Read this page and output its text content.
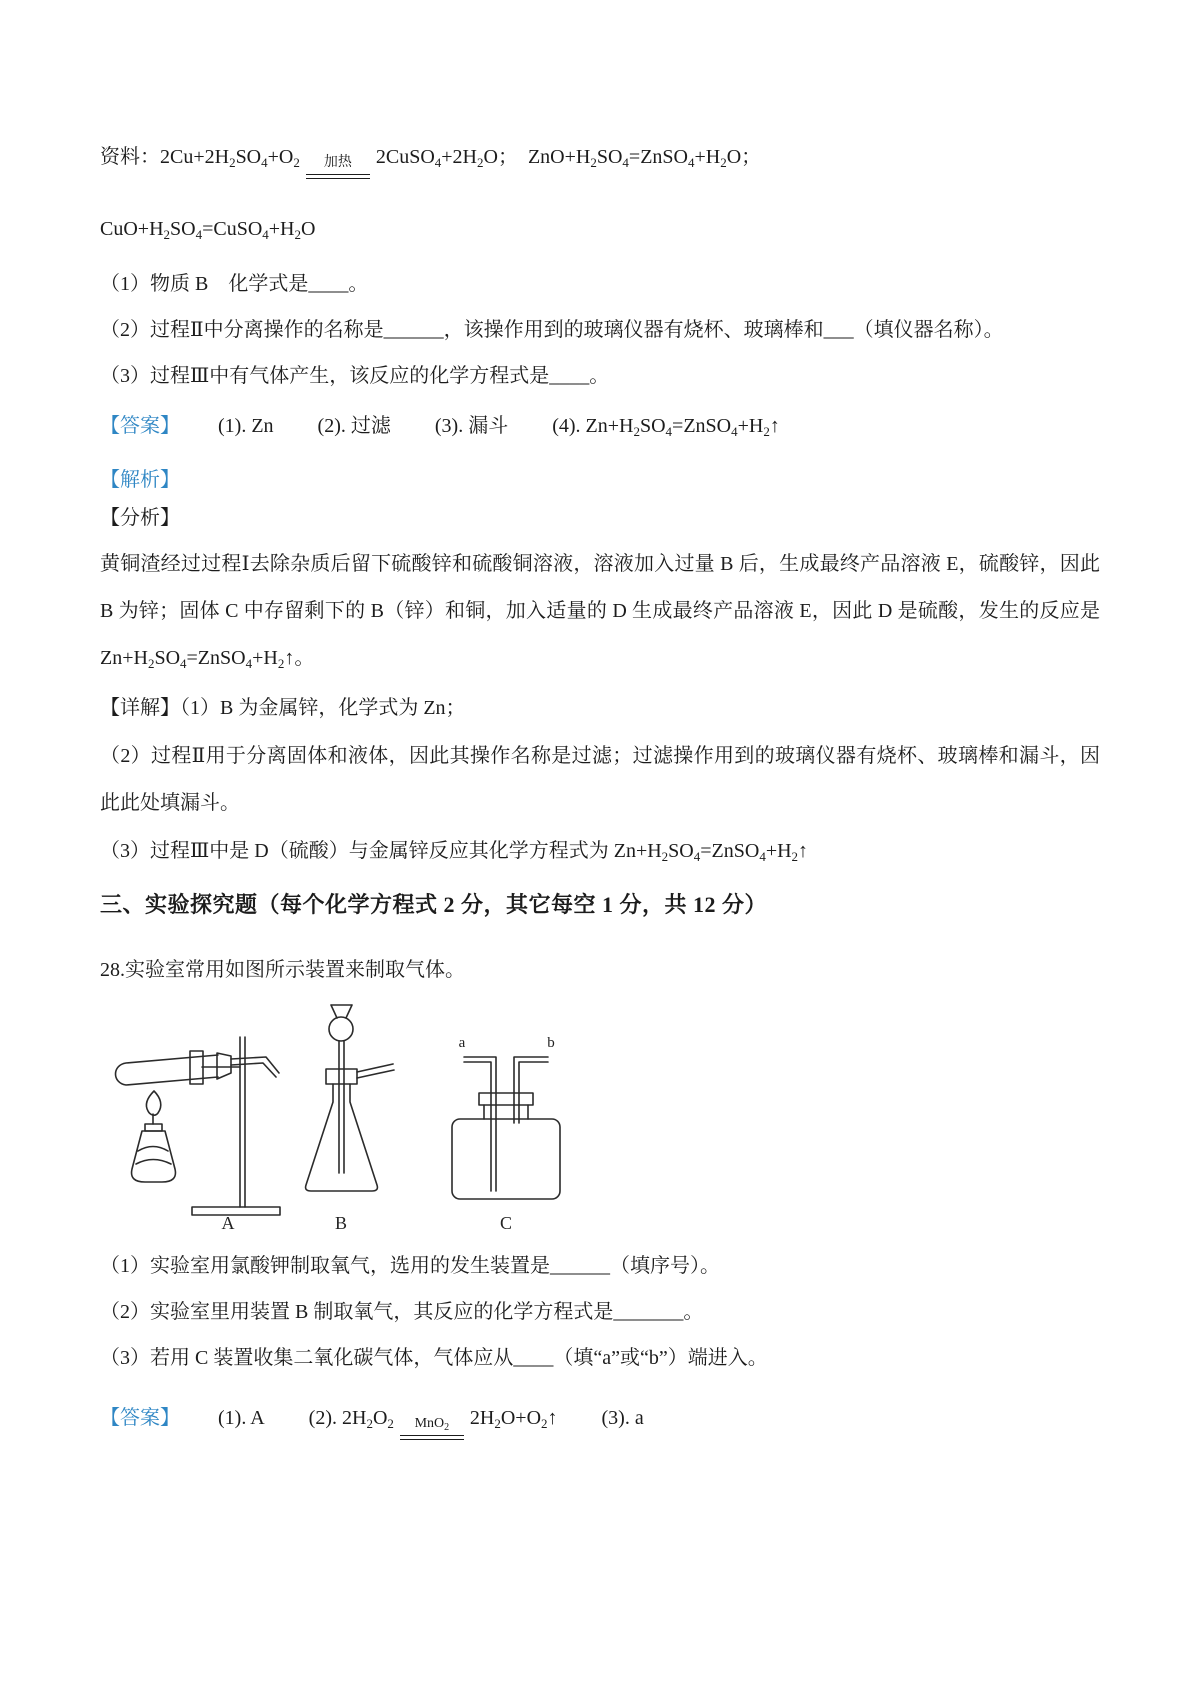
资料：$2Cu+2H_2SO_4+O_2$ 加热 $2CuSO_4+2H_2O$；　$ZnO+H_2SO_4=ZnSO_4+H_2O$；

$CuO+H_2SO_4=CuSO_4+H_2O$

（1）物质 B　化学式是____。

（2）过程Ⅱ中分离操作的名称是______，该操作用到的玻璃仪器有烧杯、玻璃棒和___（填仪器名称）。

（3）过程Ⅲ中有气体产生，该反应的化学方程式是____。

【答案】 (1). Zn (2). 过滤 (3). 漏斗 (4). $Zn+H_2SO_4=ZnSO_4+H_2↑$

【解析】

【分析】

黄铜渣经过过程Ⅰ去除杂质后留下硫酸锌和硫酸铜溶液，溶液加入过量 B 后，生成最终产品溶液 E，硫酸锌，因此 B 为锌；固体 C 中存留剩下的 B（锌）和铜，加入适量的 D 生成最终产品溶液 E，因此 D 是硫酸，发生的反应是 $Zn+H_2SO_4=ZnSO_4+H_2↑$。

【详解】（1）B 为金属锌，化学式为 Zn；

（2）过程Ⅱ用于分离固体和液体，因此其操作名称是过滤；过滤操作用到的玻璃仪器有烧杯、玻璃棒和漏斗，因此此处填漏斗。

（3）过程Ⅲ中是 D（硫酸）与金属锌反应其化学方程式为 $Zn+H_2SO_4=ZnSO_4+H_2↑$

三、实验探究题（每个化学方程式 2 分，其它每空 1 分，共 12 分）

28.实验室常用如图所示装置来制取气体。

A	B
a	b
C

（1）实验室用氯酸钾制取氧气，选用的发生装置是______（填序号）。

（2）实验室里用装置 B 制取氧气，其反应的化学方程式是_______。

（3）若用 C 装置收集二氧化碳气体，气体应从____（填“a”或“b”）端进入。

【答案】 (1). A (2). $2H_2O_2$ MnO$_2$ $2H_2O+O_2↑$ (3). a
